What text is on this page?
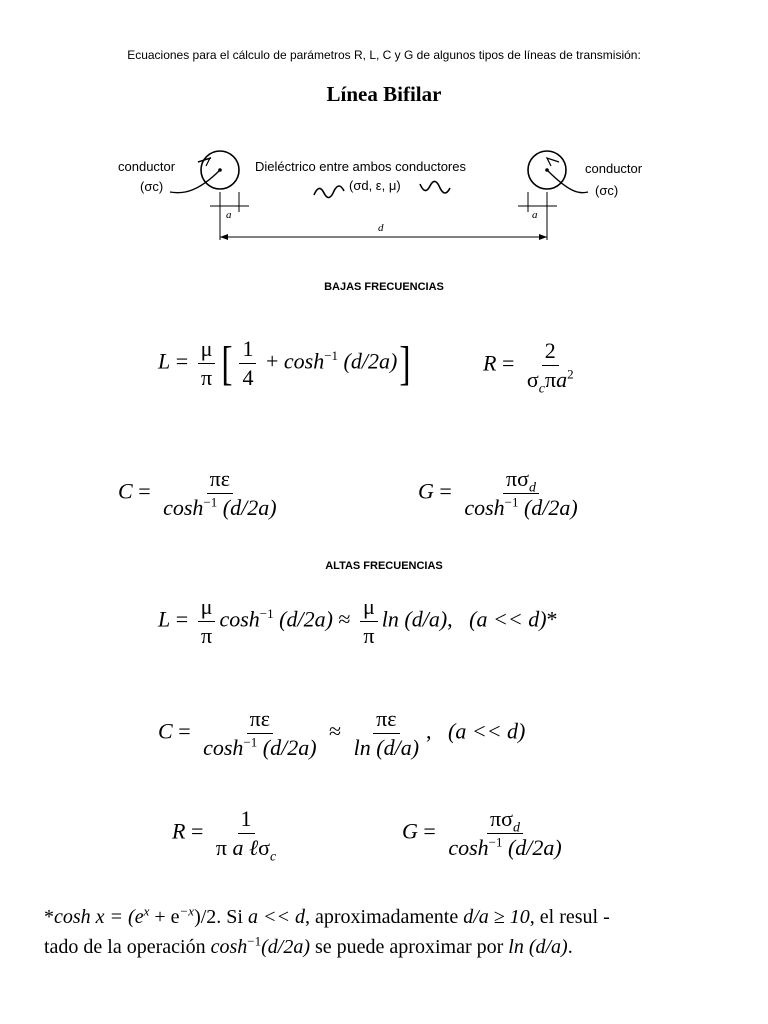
Ecuaciones para el cálculo de parámetros R, L, C y G de algunos tipos de líneas de transmisión:
Línea Bifilar
a	a
d
conductor
(σc)
conductor
(σc)
Dieléctrico entre ambos conductores
(σd, ε, μ)
BAJAS FRECUENCIAS
$L = \frac{\mu}{\pi}$ [ $\frac{1}{4} + \cosh^{-1} (d/2a)$]	$R = \frac{2}{\sigma_c\pi a^2}$
$C = \frac{\pi\varepsilon}{\cosh^{-1} (d/2a)}$	$G = \frac{\pi\sigma_d}{\cosh^{-1} (d/2a)}$
ALTAS FRECUENCIAS
$L = \frac{\mu}{\pi} \cosh^{-1} (d/2a) \approx \frac{\mu}{\pi}$ ln (d/a),   (a << d)*
$C = \frac{\pi\varepsilon}{\cosh^{-1} (d/2a)} \approx \frac{\pi\varepsilon}{\ln (d/a)}$ ,   (a << d)
$R = \frac{1}{\pi a \ell\sigma_c}$	$G = \frac{\pi\sigma_d}{\cosh^{-1} (d/2a)}$
*cosh $x = (e^x + e^{-x})/2$. Si a << d, aproximadamente d/a ≥ 10, el resul -
tado de la operación $\cosh^{-1}(d/2a)$ se puede aproximar por ln (d/a).
